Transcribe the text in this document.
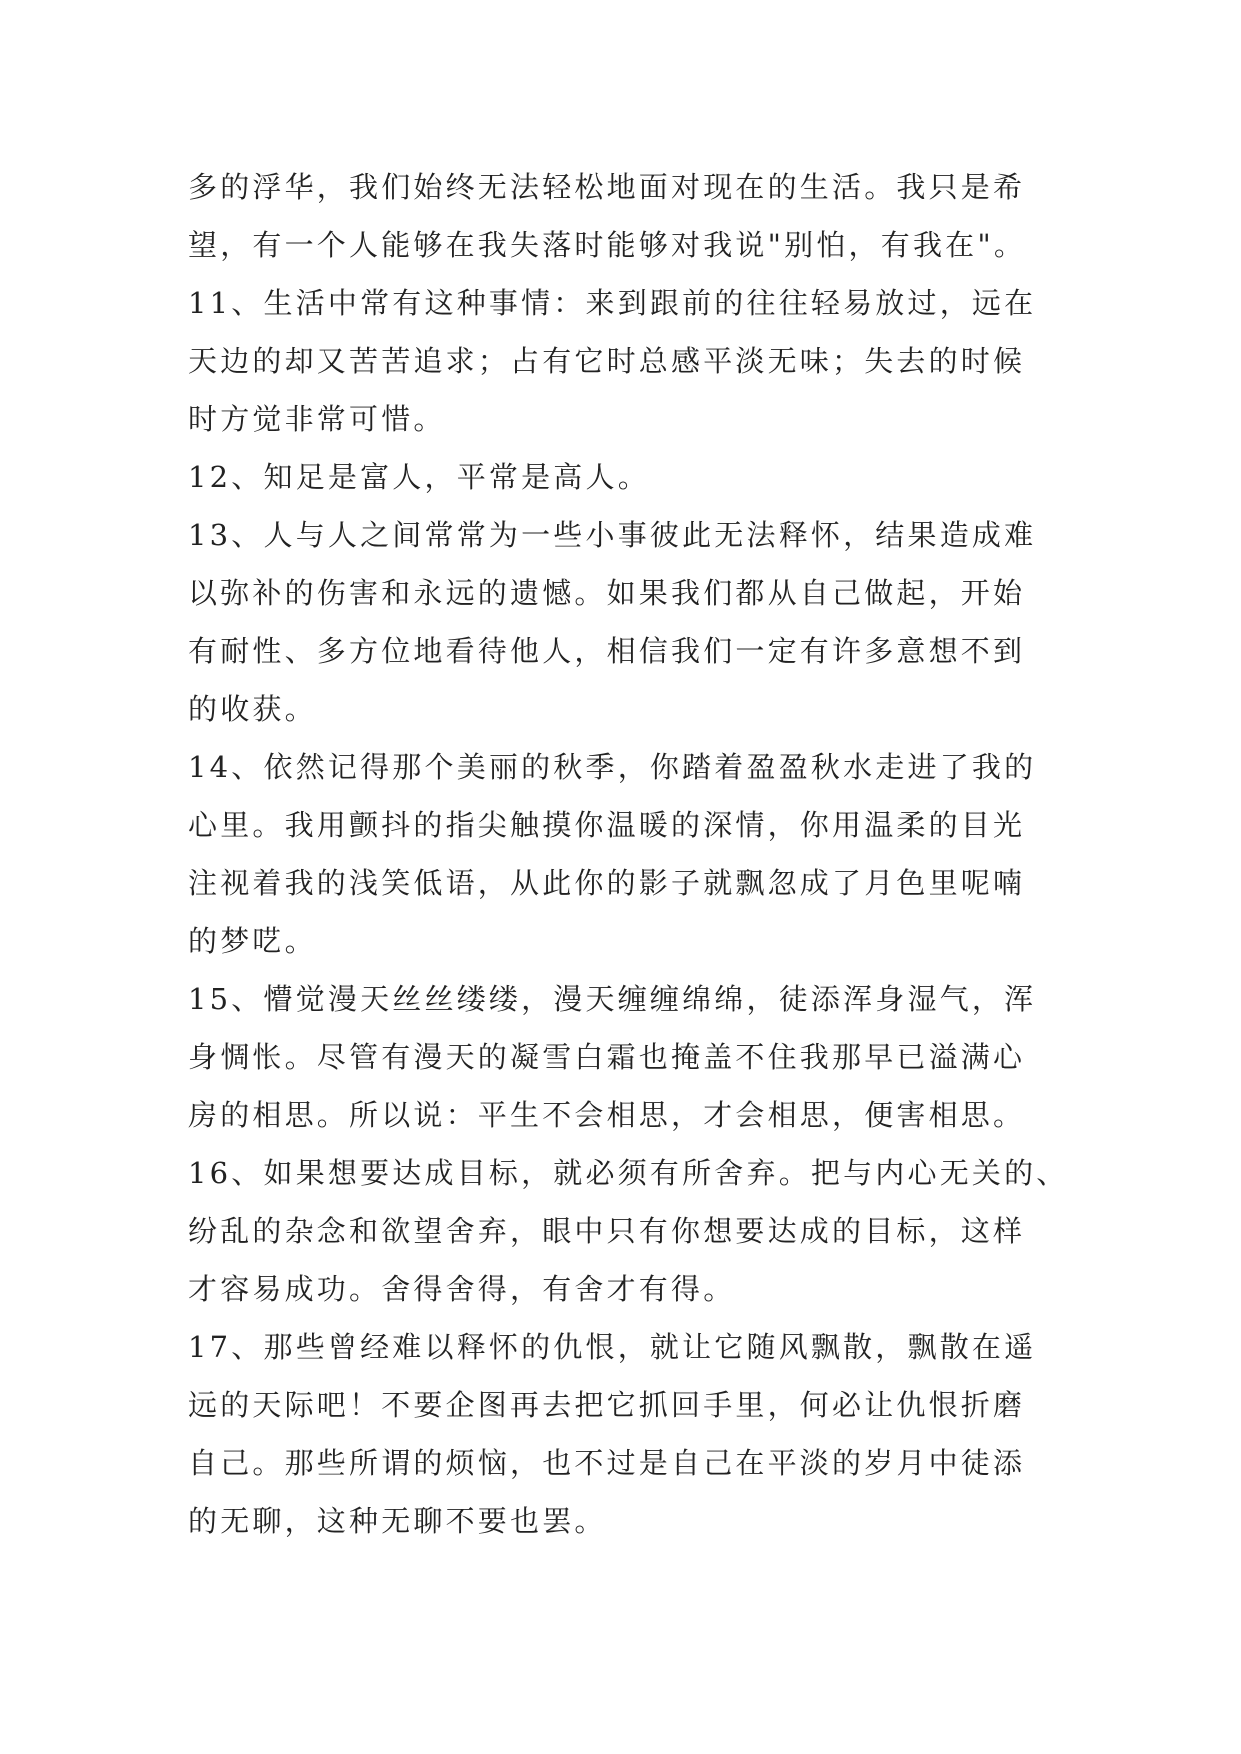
多的浮华，我们始终无法轻松地面对现在的生活。我只是希
望，有一个人能够在我失落时能够对我说"别怕，有我在"。
11、生活中常有这种事情：来到跟前的往往轻易放过，远在
天边的却又苦苦追求；占有它时总感平淡无味；失去的时候
时方觉非常可惜。
12、知足是富人，平常是高人。
13、人与人之间常常为一些小事彼此无法释怀，结果造成难
以弥补的伤害和永远的遗憾。如果我们都从自己做起，开始
有耐性、多方位地看待他人，相信我们一定有许多意想不到
的收获。
14、依然记得那个美丽的秋季，你踏着盈盈秋水走进了我的
心里。我用颤抖的指尖触摸你温暖的深情，你用温柔的目光
注视着我的浅笑低语，从此你的影子就飘忽成了月色里呢喃
的梦呓。
15、懵觉漫天丝丝缕缕，漫天缠缠绵绵，徒添浑身湿气，浑
身惆怅。尽管有漫天的凝雪白霜也掩盖不住我那早已溢满心
房的相思。所以说：平生不会相思，才会相思，便害相思。
16、如果想要达成目标，就必须有所舍弃。把与内心无关的、
纷乱的杂念和欲望舍弃，眼中只有你想要达成的目标，这样
才容易成功。舍得舍得，有舍才有得。
17、那些曾经难以释怀的仇恨，就让它随风飘散，飘散在遥
远的天际吧！不要企图再去把它抓回手里，何必让仇恨折磨
自己。那些所谓的烦恼，也不过是自己在平淡的岁月中徒添
的无聊，这种无聊不要也罢。
